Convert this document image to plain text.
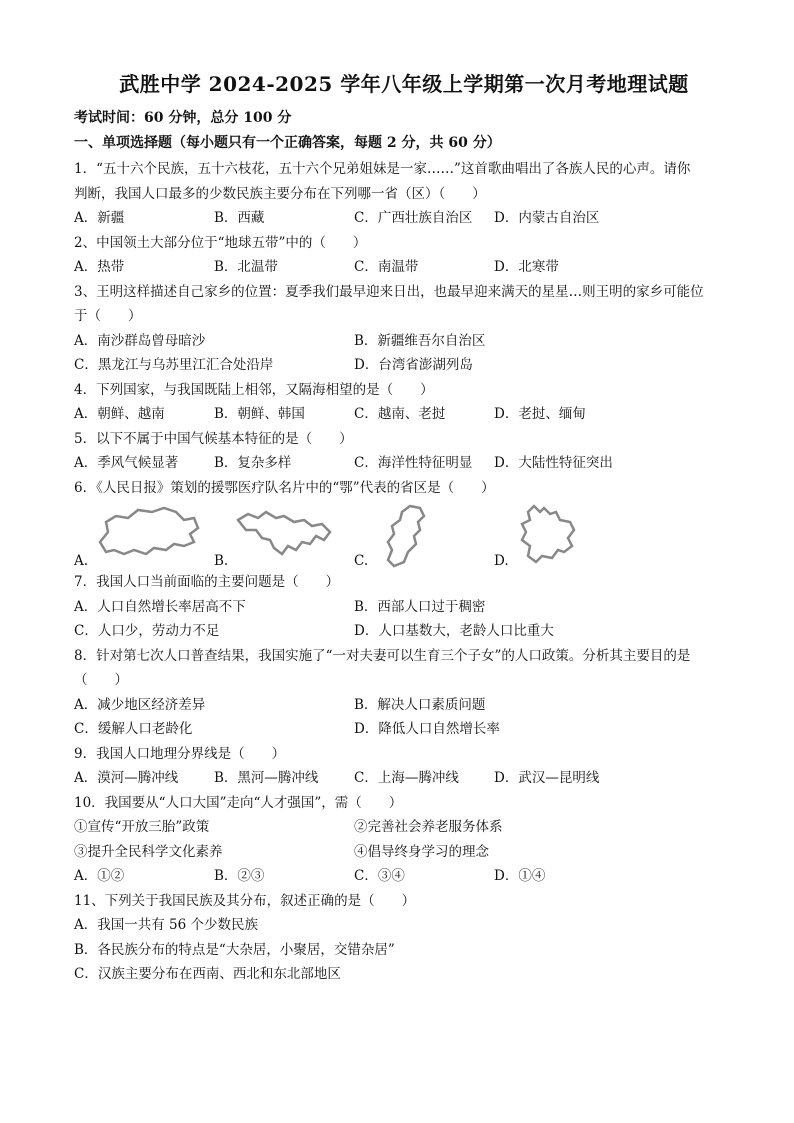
武胜中学 2024-2025 学年八年级上学期第一次月考地理试题
考试时间：60 分钟，总分 100 分
一、单项选择题（每小题只有一个正确答案，每题 2 分，共 60 分）
1．“五十六个民族，五十六枝花，五十六个兄弟姐妹是一家……”这首歌曲唱出了各族人民的心声。请你
判断，我国人口最多的少数民族主要分布在下列哪一省（区）（　　）
A．新疆	B．西藏	C．广西壮族自治区	D．内蒙古自治区
2、中国领土大部分位于“地球五带”中的（　　）
A．热带	B．北温带	C．南温带	D．北寒带
3、王明这样描述自己家乡的位置：夏季我们最早迎来日出，也最早迎来满天的星星…则王明的家乡可能位
于（　　）
A．南沙群岛曾母暗沙	B．新疆维吾尔自治区
C．黑龙江与乌苏里江汇合处沿岸	D．台湾省澎湖列岛
4．下列国家，与我国既陆上相邻，又隔海相望的是（　　）
A．朝鲜、越南	B．朝鲜、韩国	C．越南、老挝	D．老挝、缅甸
5．以下不属于中国气候基本特征的是（　　）
A．季风气候显著	B．复杂多样	C．海洋性特征明显	D．大陆性特征突出
6．《人民日报》策划的援鄂医疗队名片中的“鄂”代表的省区是（　　）
A.	B.	C.	D.
7．我国人口当前面临的主要问题是（　　）
A．人口自然增长率居高不下	B．西部人口过于稠密
C．人口少，劳动力不足	D．人口基数大，老龄人口比重大
8．针对第七次人口普查结果，我国实施了“一对夫妻可以生育三个子女”的人口政策。分析其主要目的是
（　　）
A．减少地区经济差异	B．解决人口素质问题
C．缓解人口老龄化	D．降低人口自然增长率
9．我国人口地理分界线是（　　）
A．漠河—腾冲线	B．黑河—腾冲线	C．上海—腾冲线	D．武汉—昆明线
10．我国要从“人口大国”走向“人才强国”，需（　　）
①宣传“开放三胎”政策	②完善社会养老服务体系
③提升全民科学文化素养	④倡导终身学习的理念
A．①②	B．②③	C．③④	D．①④
11、下列关于我国民族及其分布，叙述正确的是（　　）
A．我国一共有 56 个少数民族
B．各民族分布的特点是“大杂居，小聚居，交错杂居”
C．汉族主要分布在西南、西北和东北部地区
